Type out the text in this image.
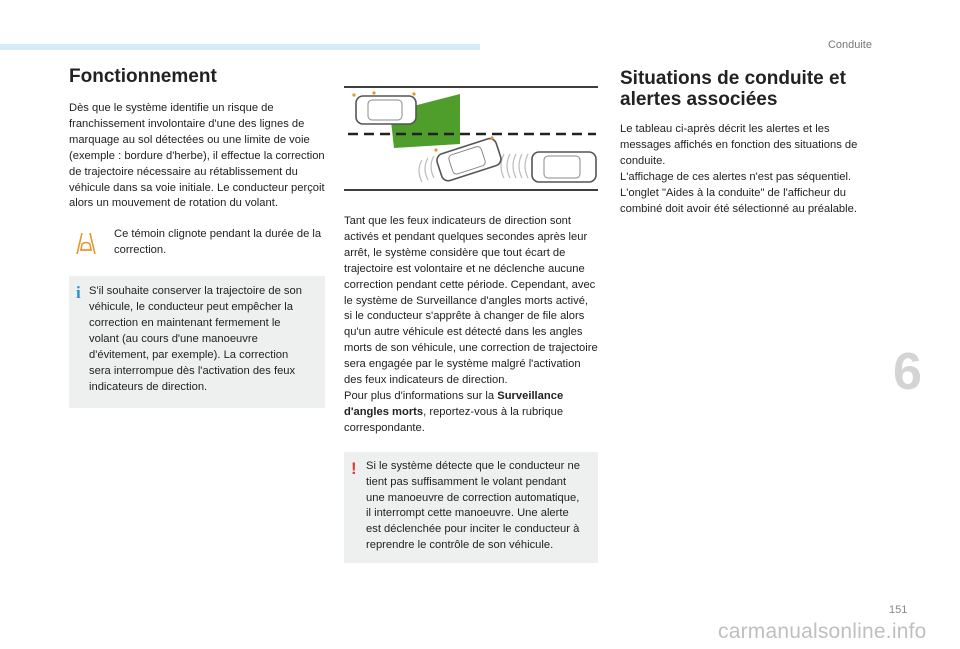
Conduite
Fonctionnement

Dès que le système identifie un risque de franchissement involontaire d'une des lignes de marquage au sol détectées ou une limite de voie (exemple : bordure d'herbe), il effectue la correction de trajectoire nécessaire au rétablissement du véhicule dans sa voie initiale. Le conducteur perçoit alors un mouvement de rotation du volant.

Ce témoin clignote pendant la durée de la correction.

i S'il souhaite conserver la trajectoire de son véhicule, le conducteur peut empêcher la correction en maintenant fermement le volant (au cours d'une manoeuvre d'évitement, par exemple). La correction sera interrompue dès l'activation des feux indicateurs de direction.

Tant que les feux indicateurs de direction sont activés et pendant quelques secondes après leur arrêt, le système considère que tout écart de trajectoire est volontaire et ne déclenche aucune correction pendant cette période. Cependant, avec le système de Surveillance d'angles morts activé, si le conducteur s'apprête à changer de file alors qu'un autre véhicule est détecté dans les angles morts de son véhicule, une correction de trajectoire sera engagée par le système malgré l'activation des feux indicateurs de direction.

Pour plus d'informations sur la Surveillance d'angles morts, reportez-vous à la rubrique correspondante.

! Si le système détecte que le conducteur ne tient pas suffisamment le volant pendant une manoeuvre de correction automatique, il interrompt cette manoeuvre. Une alerte est déclenchée pour inciter le conducteur à reprendre le contrôle de son véhicule.

Situations de conduite et alertes associées

Le tableau ci-après décrit les alertes et les messages affichés en fonction des situations de conduite.

L'affichage de ces alertes n'est pas séquentiel. L'onglet "Aides à la conduite" de l'afficheur du combiné doit avoir été sélectionné au préalable.

6
151
carmanualsonline.info
